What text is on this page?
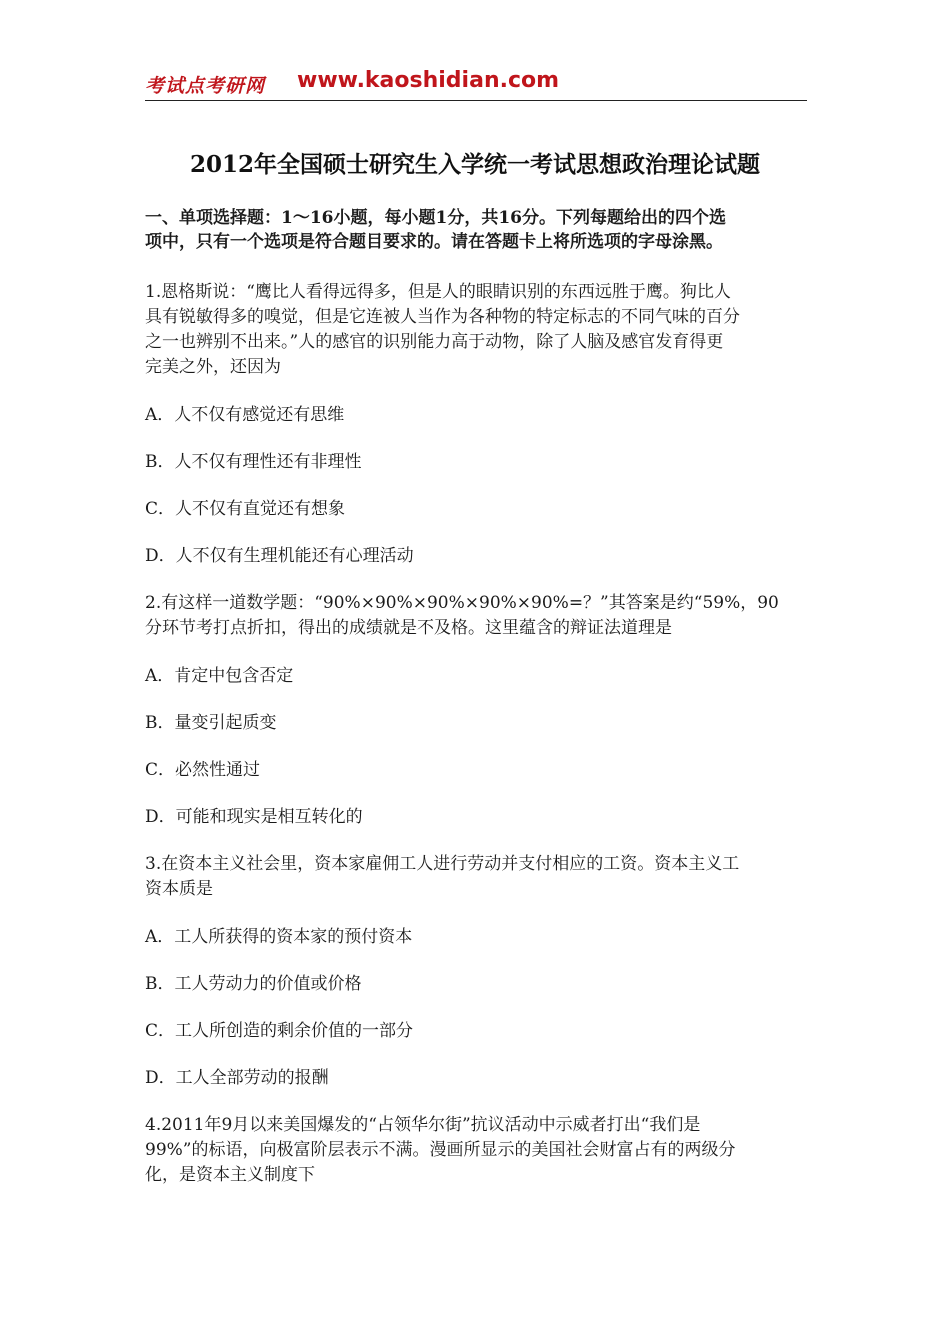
考试点考研网 www.kaoshidian.com
2012年全国硕士研究生入学统一考试思想政治理论试题
一、单项选择题：1～16小题，每小题1分，共16分。下列每题给出的四个选
项中，只有一个选项是符合题目要求的。请在答题卡上将所选项的字母涂黑。
1.恩格斯说：“鹰比人看得远得多，但是人的眼睛识别的东西远胜于鹰。狗比人
具有锐敏得多的嗅觉，但是它连被人当作为各种物的特定标志的不同气味的百分
之一也辨别不出来。”人的感官的识别能力高于动物，除了人脑及感官发育得更
完美之外，还因为
A．人不仅有感觉还有思维
B．人不仅有理性还有非理性
C．人不仅有直觉还有想象
D．人不仅有生理机能还有心理活动
2.有这样一道数学题：“90%×90%×90%×90%×90%=？”其答案是约“59%，90
分环节考打点折扣，得出的成绩就是不及格。这里蕴含的辩证法道理是
A．肯定中包含否定
B．量变引起质变
C．必然性通过
D．可能和现实是相互转化的
3.在资本主义社会里，资本家雇佣工人进行劳动并支付相应的工资。资本主义工
资本质是
A．工人所获得的资本家的预付资本
B．工人劳动力的价值或价格
C．工人所创造的剩余价值的一部分
D．工人全部劳动的报酬
4.2011年9月以来美国爆发的“占领华尔街”抗议活动中示威者打出“我们是
99%”的标语，向极富阶层表示不满。漫画所显示的美国社会财富占有的两级分
化，是资本主义制度下
